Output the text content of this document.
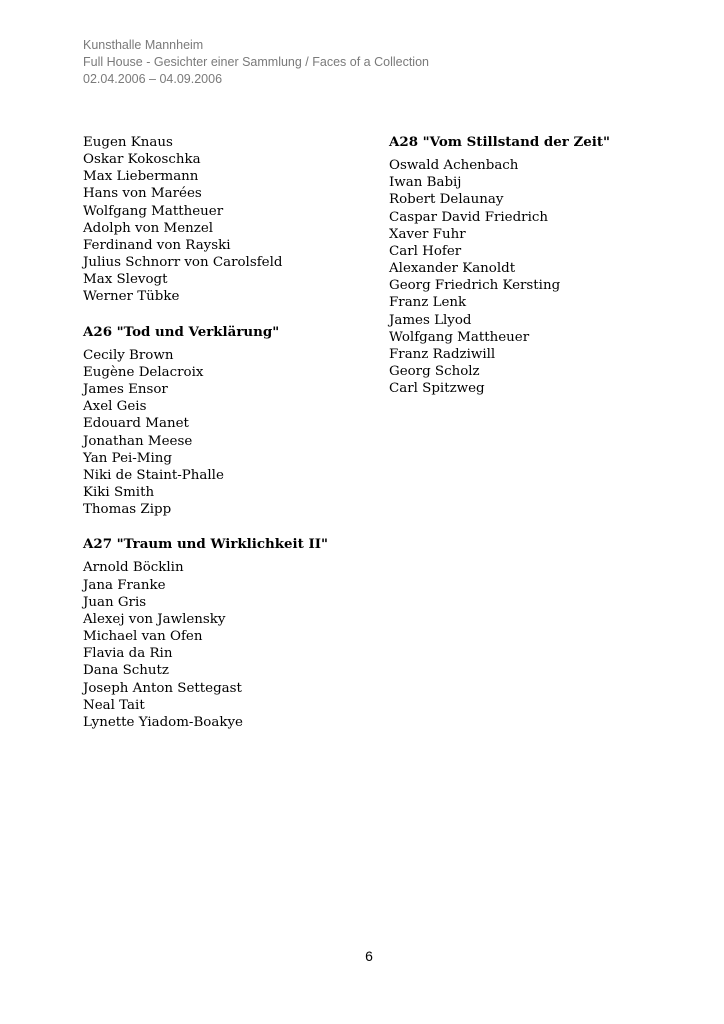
Kunsthalle Mannheim
Full House - Gesichter einer Sammlung / Faces of a Collection
02.04.2006 – 04.09.2006
Eugen Knaus
Oskar Kokoschka
Max Liebermann
Hans von Marées
Wolfgang Mattheuer
Adolph von Menzel
Ferdinand von Rayski
Julius Schnorr von Carolsfeld
Max Slevogt
Werner Tübke
A26 "Tod und Verklärung"
Cecily Brown
Eugène Delacroix
James Ensor
Axel Geis
Edouard Manet
Jonathan Meese
Yan Pei-Ming
Niki de Staint-Phalle
Kiki Smith
Thomas Zipp
A27 "Traum und Wirklichkeit II"
Arnold Böcklin
Jana Franke
Juan Gris
Alexej von Jawlensky
Michael van Ofen
Flavia da Rin
Dana Schutz
Joseph Anton Settegast
Neal Tait
Lynette Yiadom-Boakye
A28 "Vom Stillstand der Zeit"
Oswald Achenbach
Iwan Babij
Robert Delaunay
Caspar David Friedrich
Xaver Fuhr
Carl Hofer
Alexander Kanoldt
Georg Friedrich Kersting
Franz Lenk
James Llyod
Wolfgang Mattheuer
Franz Radziwill
Georg Scholz
Carl Spitzweg
6
